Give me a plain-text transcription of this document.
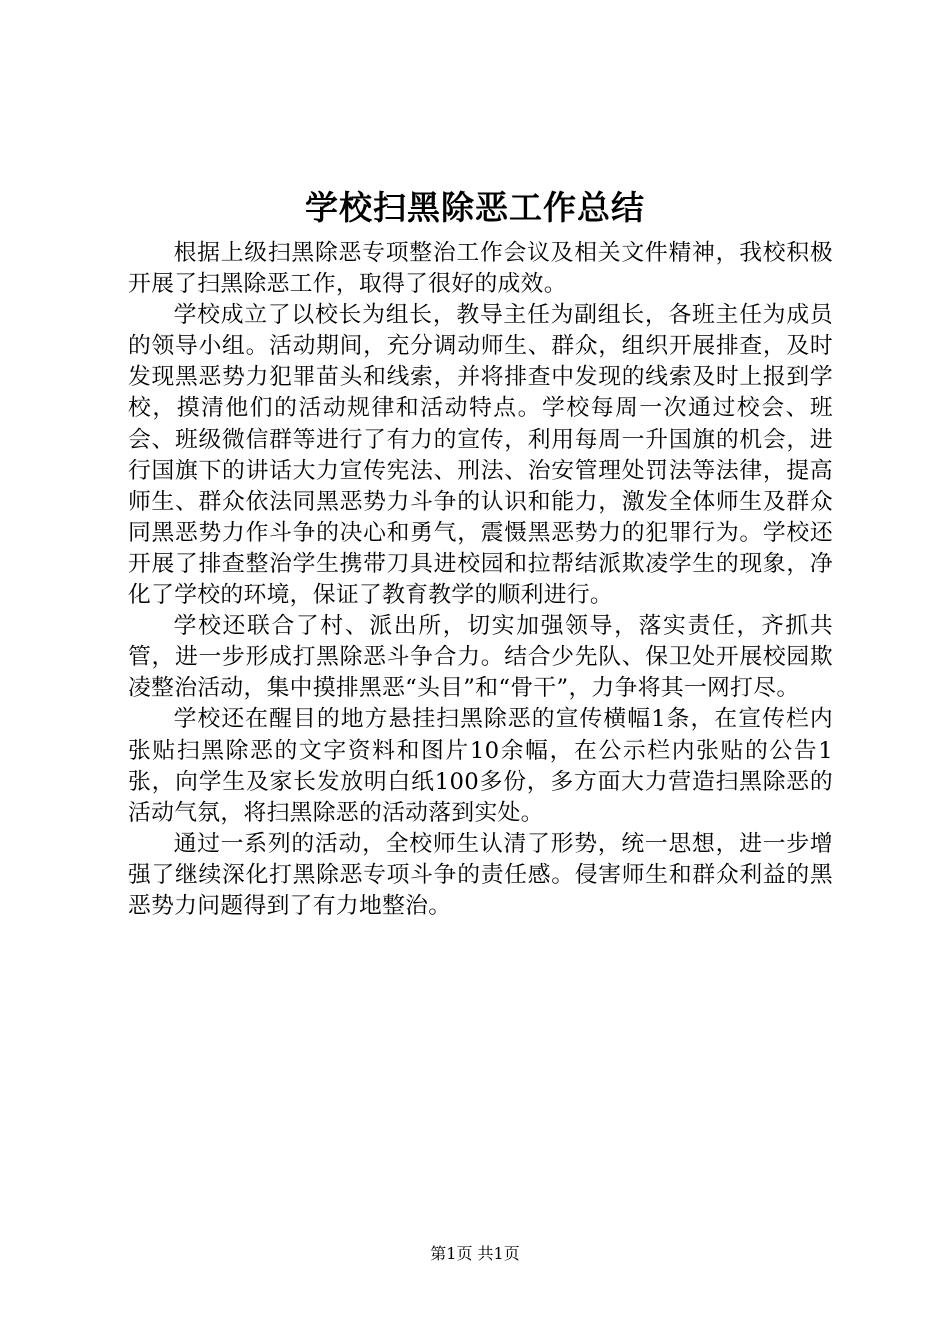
学校扫黑除恶工作总结

根据上级扫黑除恶专项整治工作会议及相关文件精神，我校积极开展了扫黑除恶工作，取得了很好的成效。

学校成立了以校长为组长，教导主任为副组长，各班主任为成员的领导小组。活动期间，充分调动师生、群众，组织开展排查，及时发现黑恶势力犯罪苗头和线索，并将排查中发现的线索及时上报到学校，摸清他们的活动规律和活动特点。学校每周一次通过校会、班会、班级微信群等进行了有力的宣传，利用每周一升国旗的机会，进行国旗下的讲话大力宣传宪法、刑法、治安管理处罚法等法律，提高师生、群众依法同黑恶势力斗争的认识和能力，激发全体师生及群众同黑恶势力作斗争的决心和勇气，震慑黑恶势力的犯罪行为。学校还开展了排查整治学生携带刀具进校园和拉帮结派欺凌学生的现象，净化了学校的环境，保证了教育教学的顺利进行。

学校还联合了村、派出所，切实加强领导，落实责任，齐抓共管，进一步形成打黑除恶斗争合力。结合少先队、保卫处开展校园欺凌整治活动，集中摸排黑恶“头目”和“骨干”，力争将其一网打尽。

学校还在醒目的地方悬挂扫黑除恶的宣传横幅1条，在宣传栏内张贴扫黑除恶的文字资料和图片10余幅，在公示栏内张贴的公告1张，向学生及家长发放明白纸100多份，多方面大力营造扫黑除恶的活动气氛，将扫黑除恶的活动落到实处。

通过一系列的活动，全校师生认清了形势，统一思想，进一步增强了继续深化打黑除恶专项斗争的责任感。侵害师生和群众利益的黑恶势力问题得到了有力地整治。

第1页 共1页
